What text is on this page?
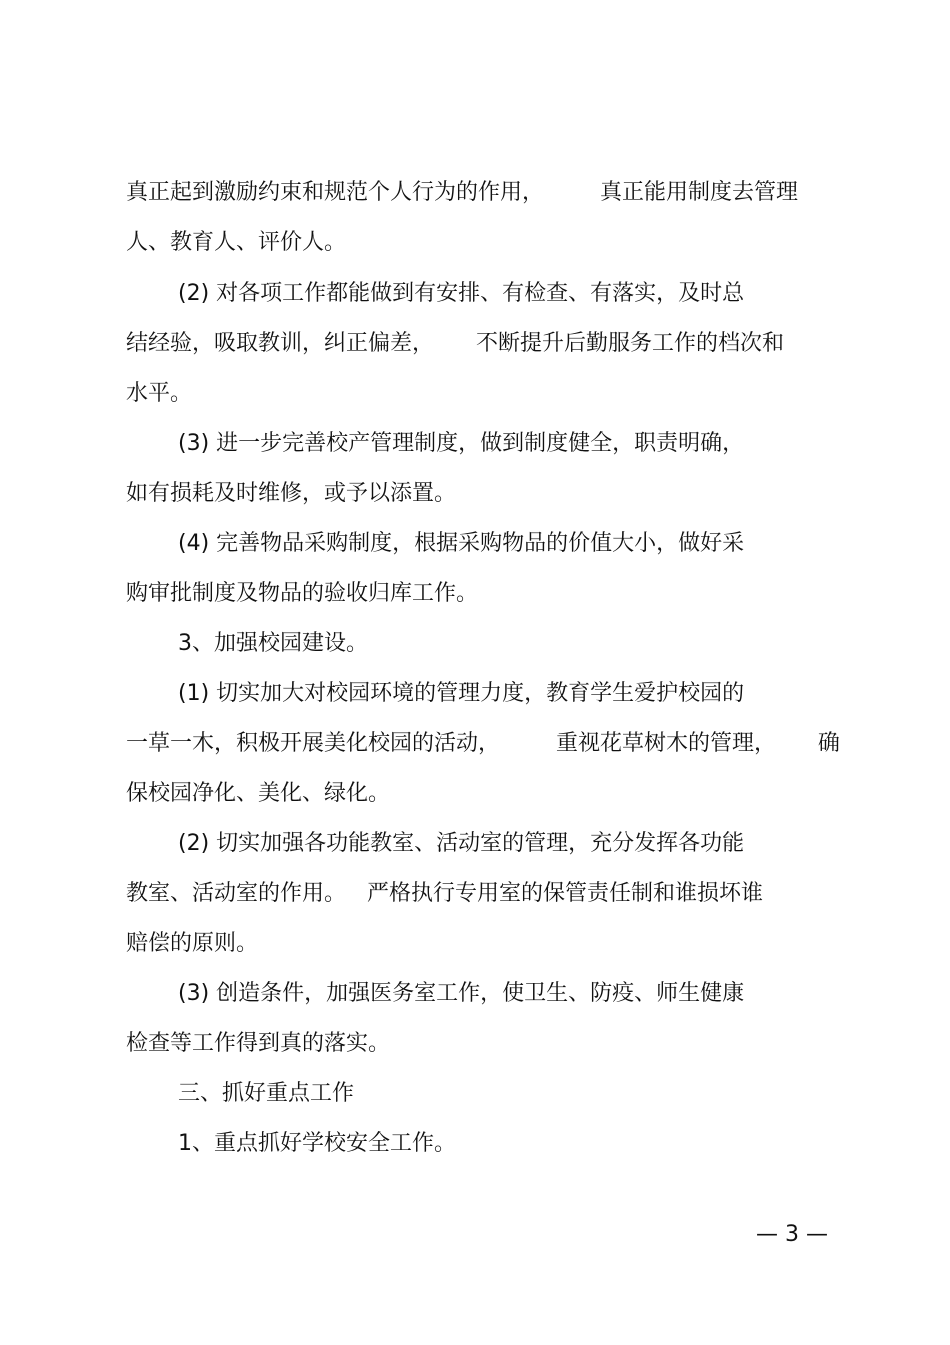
真正起到激励约束和规范个人行为的作用，        真正能用制度去管理

人、教育人、评价人。

(2) 对各项工作都能做到有安排、有检查、有落实，及时总

结经验，吸取教训，纠正偏差，      不断提升后勤服务工作的档次和

水平。

(3) 进一步完善校产管理制度，做到制度健全，职责明确，

如有损耗及时维修，或予以添置。

(4) 完善物品采购制度，根据采购物品的价值大小，做好采

购审批制度及物品的验收归库工作。

3、加强校园建设。

(1) 切实加大对校园环境的管理力度，教育学生爱护校园的

一草一木，积极开展美化校园的活动，        重视花草树木的管理，      确

保校园净化、美化、绿化。

(2) 切实加强各功能教室、活动室的管理，充分发挥各功能

教室、活动室的作用。   严格执行专用室的保管责任制和谁损坏谁

赔偿的原则。

(3) 创造条件，加强医务室工作，使卫生、防疫、师生健康

检查等工作得到真的落实。

三、抓好重点工作

1、重点抓好学校安全工作。

— 3 —
